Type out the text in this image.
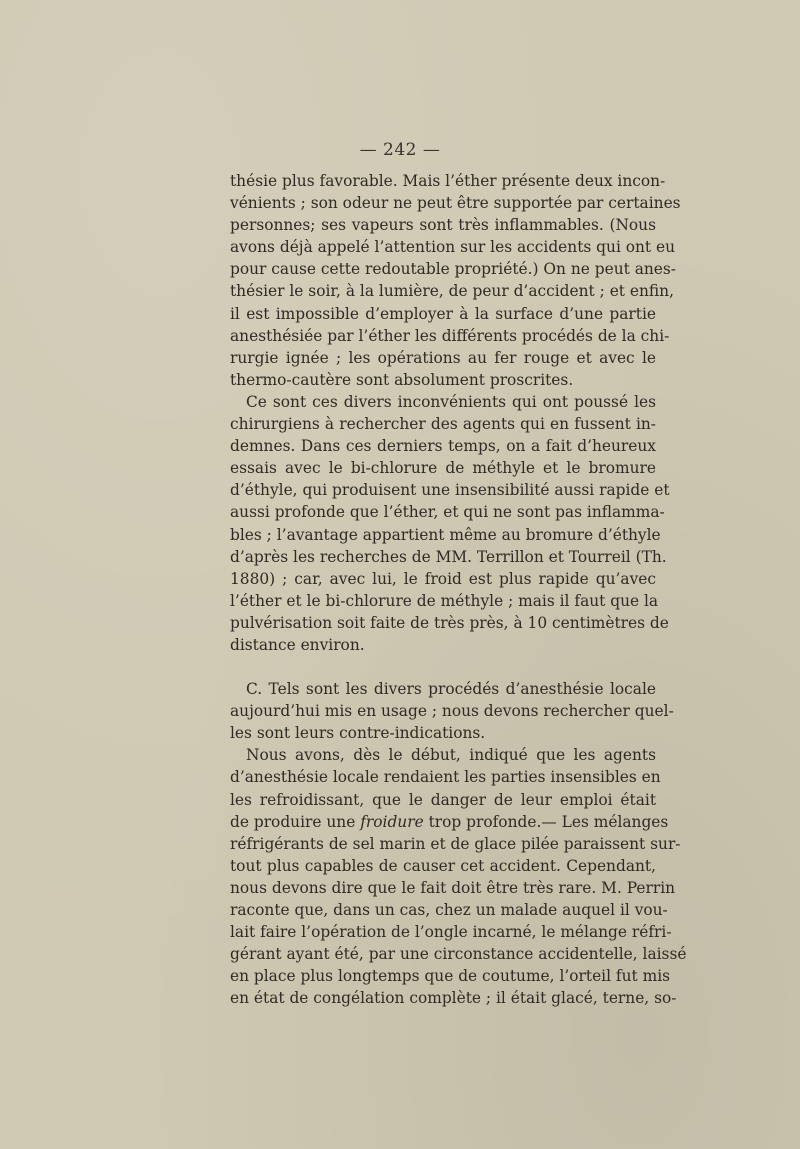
— 242 —
thésie plus favorable. Mais l’éther présente deux incon-
vénients ; son odeur ne peut être supportée par certaines
personnes; ses vapeurs sont très inflammables. (Nous
avons déjà appelé l’attention sur les accidents qui ont eu
pour cause cette redoutable propriété.) On ne peut anes-
thésier le soir, à la lumière, de peur d’accident ; et enfin,
il est impossible d’employer à la surface d’une partie
anesthésiée par l’éther les différents procédés de la chi-
rurgie ignée ; les opérations au fer rouge et avec le
thermo-cautère sont absolument proscrites.
Ce sont ces divers inconvénients qui ont poussé les
chirurgiens à rechercher des agents qui en fussent in-
demnes. Dans ces derniers temps, on a fait d’heureux
essais avec le bi-chlorure de méthyle et le bromure
d’éthyle, qui produisent une insensibilité aussi rapide et
aussi profonde que l’éther, et qui ne sont pas inflamma-
bles ; l’avantage appartient même au bromure d’éthyle
d’après les recherches de MM. Terrillon et Tourreil (Th.
1880) ; car, avec lui, le froid est plus rapide qu’avec
l’éther et le bi-chlorure de méthyle ; mais il faut que la
pulvérisation soit faite de très près, à 10 centimètres de
distance environ.
C. Tels sont les divers procédés d’anesthésie locale
aujourd’hui mis en usage ; nous devons rechercher quel-
les sont leurs contre-indications.
Nous avons, dès le début, indiqué que les agents
d’anesthésie locale rendaient les parties insensibles en
les refroidissant, que le danger de leur emploi était
de produire une froidure trop profonde.— Les mélanges
réfrigérants de sel marin et de glace pilée paraissent sur-
tout plus capables de causer cet accident. Cependant,
nous devons dire que le fait doit être très rare. M. Perrin
raconte que, dans un cas, chez un malade auquel il vou-
lait faire l’opération de l’ongle incarné, le mélange réfri-
gérant ayant été, par une circonstance accidentelle, laissé
en place plus longtemps que de coutume, l’orteil fut mis
en état de congélation complète ; il était glacé, terne, so-
